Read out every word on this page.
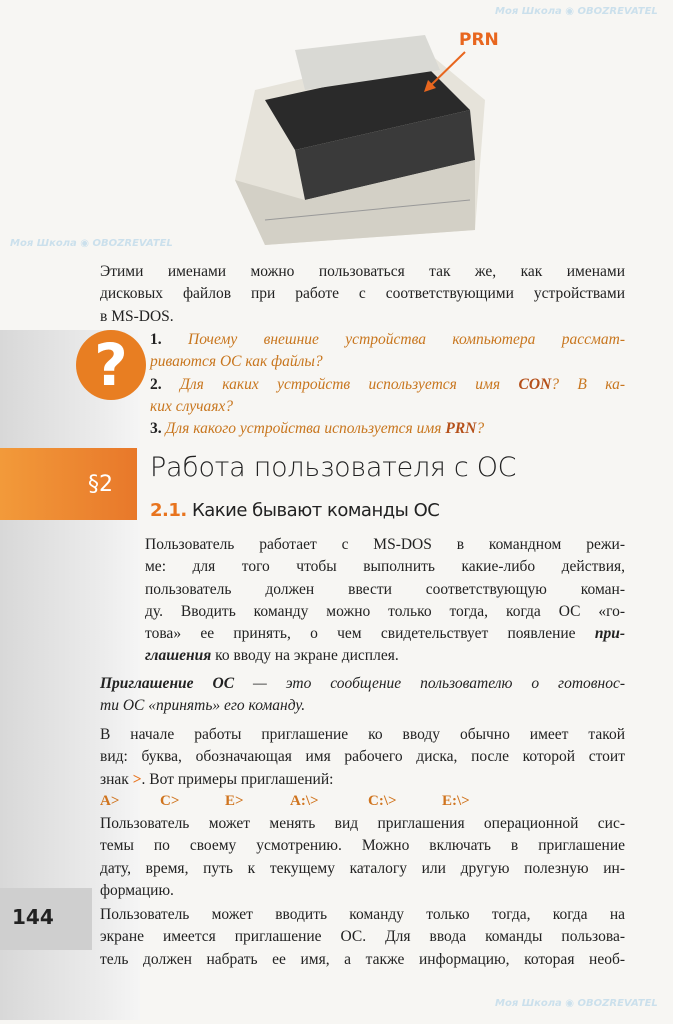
PRN
Этими именами можно пользоваться так же, как именами
дисковых файлов при работе с соответствующими устройствами
в MS-DOS.
?	1. Почему внешние устройства компьютера рассмат-
риваются ОС как файлы?
2. Для каких устройств используется имя CON? В ка-
ких случаях?
3. Для какого устройства используется имя PRN?
§2
Работа пользователя с ОС
2.1. Какие бывают команды ОС
Пользователь работает с MS-DOS в командном режи-
ме: для того чтобы выполнить какие-либо действия,
пользователь должен ввести соответствующую коман-
ду. Вводить команду можно только тогда, когда ОС «го-
това» ее принять, о чем свидетельствует появление при-
глашения ко вводу на экране дисплея.
Приглашение ОС — это сообщение пользователю о готовнос-
ти ОС «принять» его команду.
В начале работы приглашение ко вводу обычно имеет такой
вид: буква, обозначающая имя рабочего диска, после которой стоит
знак >. Вот примеры приглашений:
A>	C>	E>	A:\>	C:\>	E:\>
Пользователь может менять вид приглашения операционной сис-
темы по своему усмотрению. Можно включать в приглашение
дату, время, путь к текущему каталогу или другую полезную ин-
формацию.
Пользователь может вводить команду только тогда, когда на
экране имеется приглашение ОС. Для ввода команды пользова-
тель должен набрать ее имя, а также информацию, которая необ-
144
Моя Школа ◉ OBOZREVATEL
Моя Школа ◉ OBOZREVATEL
Моя Школа ◉ OBOZREVATEL
